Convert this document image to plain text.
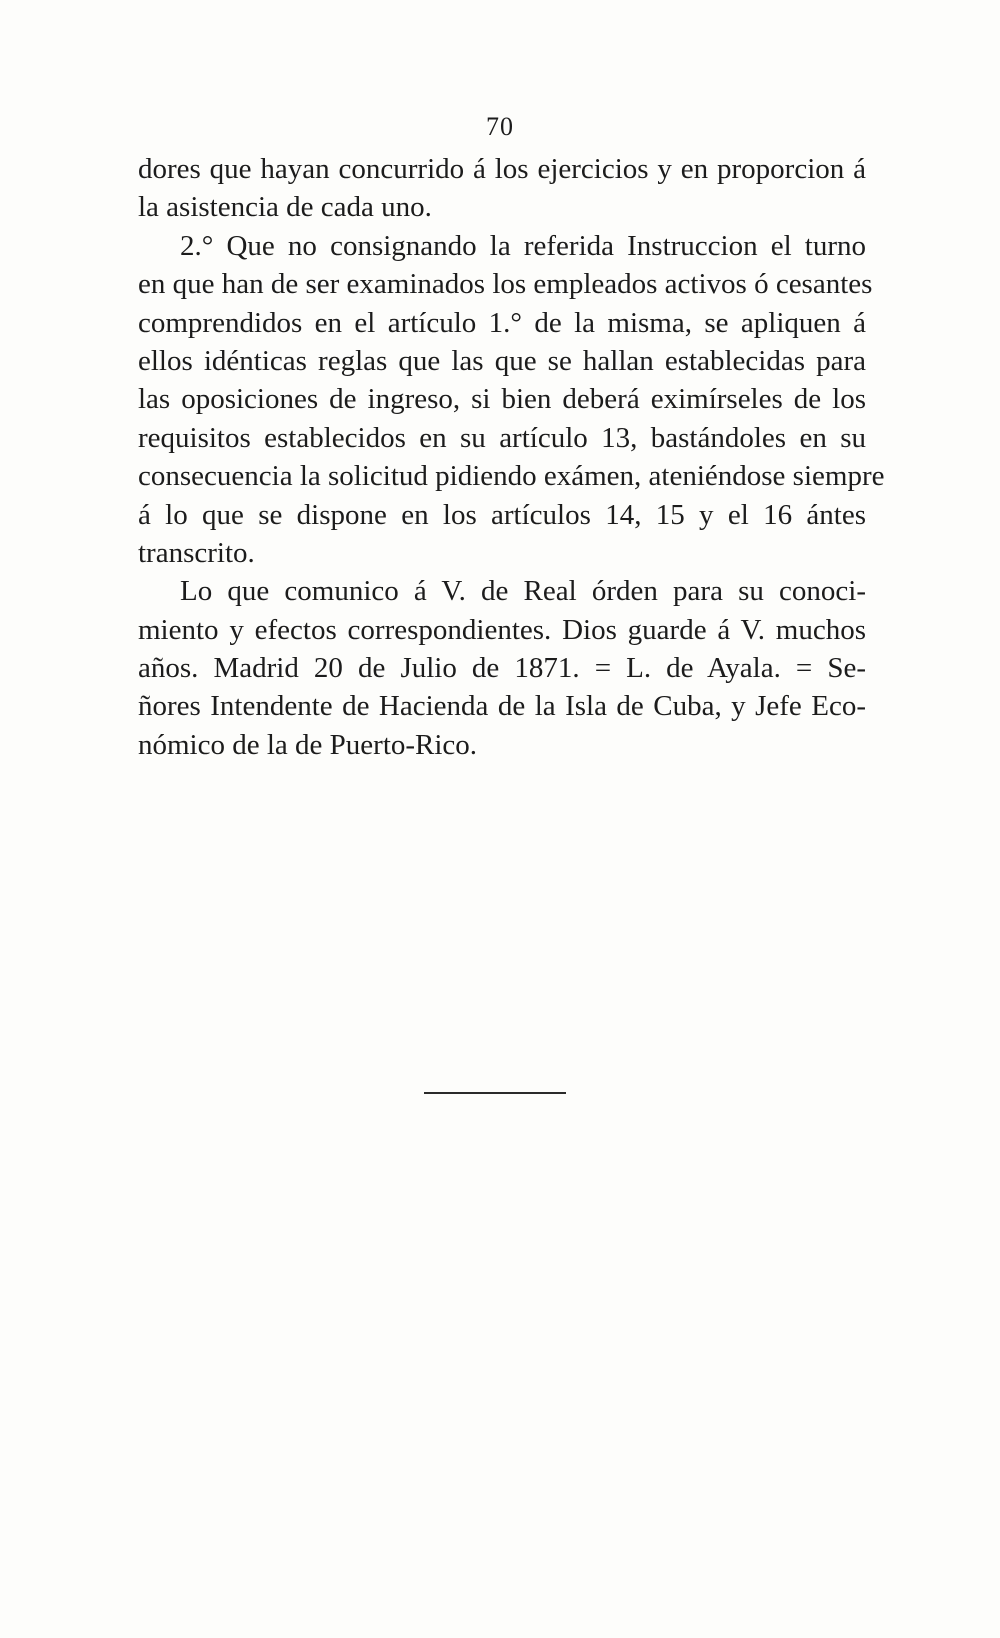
70
dores que hayan concurrido á los ejercicios y en proporcion á
la asistencia de cada uno.
2.° Que no consignando la referida Instruccion el turno
en que han de ser examinados los empleados activos ó cesantes
comprendidos en el artículo 1.° de la misma, se apliquen á
ellos idénticas reglas que las que se hallan establecidas para
las oposiciones de ingreso, si bien deberá eximírseles de los
requisitos establecidos en su artículo 13, bastándoles en su
consecuencia la solicitud pidiendo exámen, ateniéndose siempre
á lo que se dispone en los artículos 14, 15 y el 16 ántes
transcrito.
Lo que comunico á V. de Real órden para su conoci-
miento y efectos correspondientes. Dios guarde á V. muchos
años. Madrid 20 de Julio de 1871. = L. de Ayala. = Se-
ñores Intendente de Hacienda de la Isla de Cuba, y Jefe Eco-
nómico de la de Puerto-Rico.
